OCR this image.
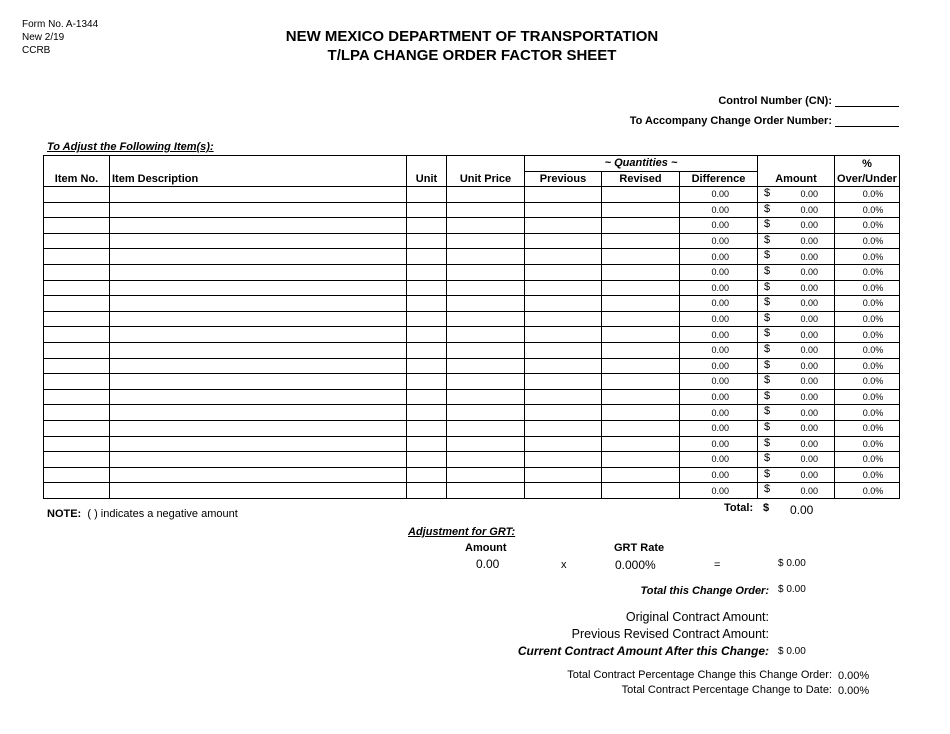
Form No. A-1344
New 2/19
CCRB
NEW MEXICO DEPARTMENT OF TRANSPORTATION
T/LPA CHANGE ORDER FACTOR SHEET
Control Number (CN):
To Accompany Change Order Number:
To Adjust the Following Item(s):
				~ Quantities ~				%
Item No.	Item Description	Unit	Unit Price	Previous	Revised	Difference	Amount	Over/Under
						0.00	$ 0.00	0.0%
						0.00	$ 0.00	0.0%
						0.00	$ 0.00	0.0%
						0.00	$ 0.00	0.0%
						0.00	$ 0.00	0.0%
						0.00	$ 0.00	0.0%
						0.00	$ 0.00	0.0%
						0.00	$ 0.00	0.0%
						0.00	$ 0.00	0.0%
						0.00	$ 0.00	0.0%
						0.00	$ 0.00	0.0%
						0.00	$ 0.00	0.0%
						0.00	$ 0.00	0.0%
						0.00	$ 0.00	0.0%
						0.00	$ 0.00	0.0%
						0.00	$ 0.00	0.0%
						0.00	$ 0.00	0.0%
						0.00	$ 0.00	0.0%
						0.00	$ 0.00	0.0%
						0.00	$ 0.00	0.0%
NOTE: ( ) indicates a negative amount	Total: $ 0.00
Adjustment for GRT:
Amount
0.00	x
GRT Rate
0.000%	=	$ 0.00
Total this Change Order: $ 0.00
Original Contract Amount:
Previous Revised Contract Amount:
Current Contract Amount After this Change: $ 0.00
Total Contract Percentage Change this Change Order: 0.00%
Total Contract Percentage Change to Date: 0.00%
